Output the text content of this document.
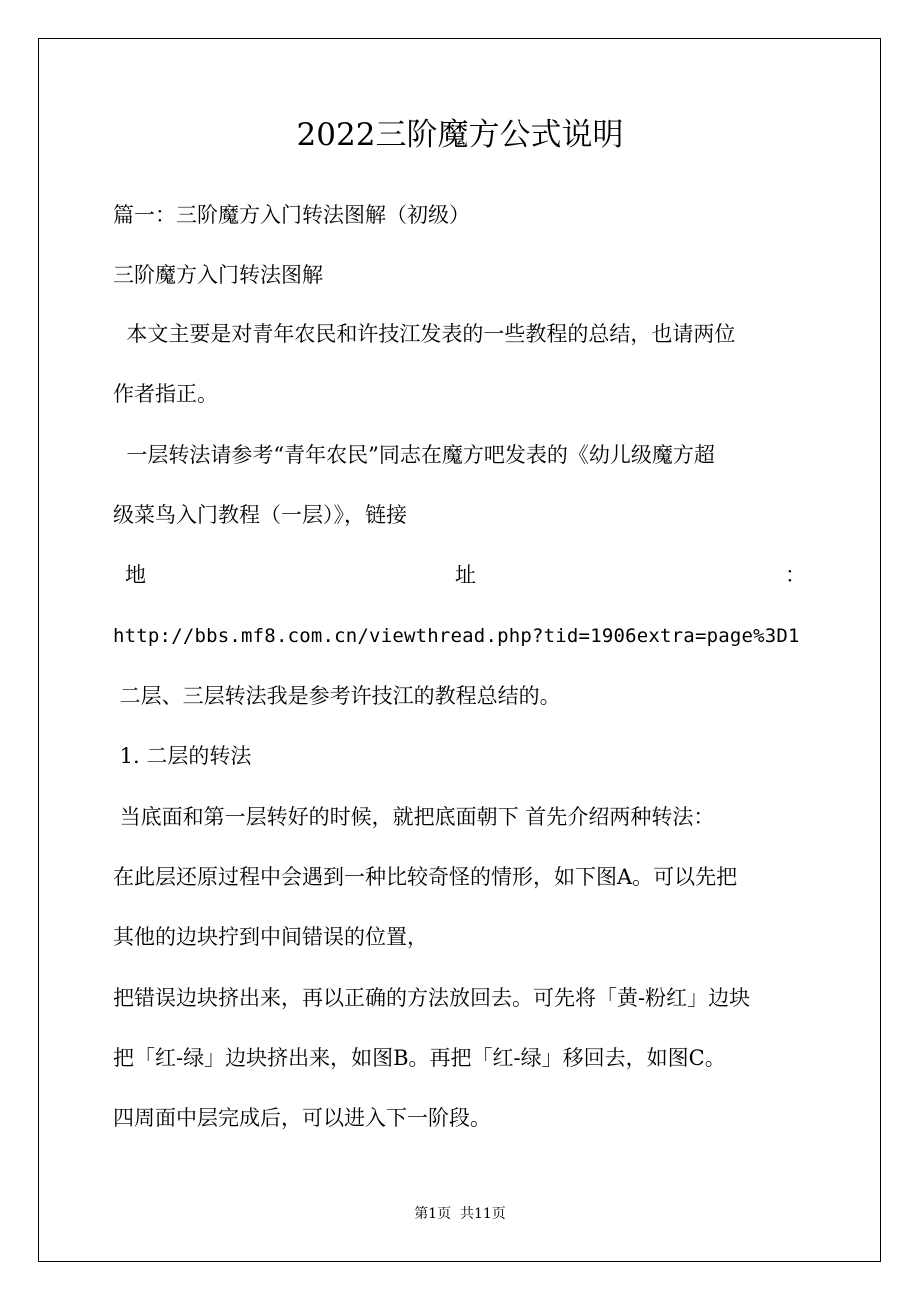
2022三阶魔方公式说明
篇一：三阶魔方入门转法图解（初级）
三阶魔方入门转法图解
本文主要是对青年农民和许技江发表的一些教程的总结，也请两位
作者指正。
一层转法请参考“青年农民”同志在魔方吧发表的《幼儿级魔方超
级菜鸟入门教程（一层）》，链接
地	址	：
http://bbs.mf8.com.cn/viewthread.php?tid=1906extra=page%3D1
二层、三层转法我是参考许技江的教程总结的。
1. 二层的转法
当底面和第一层转好的时候，就把底面朝下 首先介绍两种转法：
在此层还原过程中会遇到一种比较奇怪的情形，如下图A。可以先把
其他的边块拧到中间错误的位置，
把错误边块挤出来，再以正确的方法放回去。可先将「黄-粉红」边块
把「红-绿」边块挤出来，如图B。再把「红-绿」移回去，如图C。
四周面中层完成后，可以进入下一阶段。
第1页  共11页
